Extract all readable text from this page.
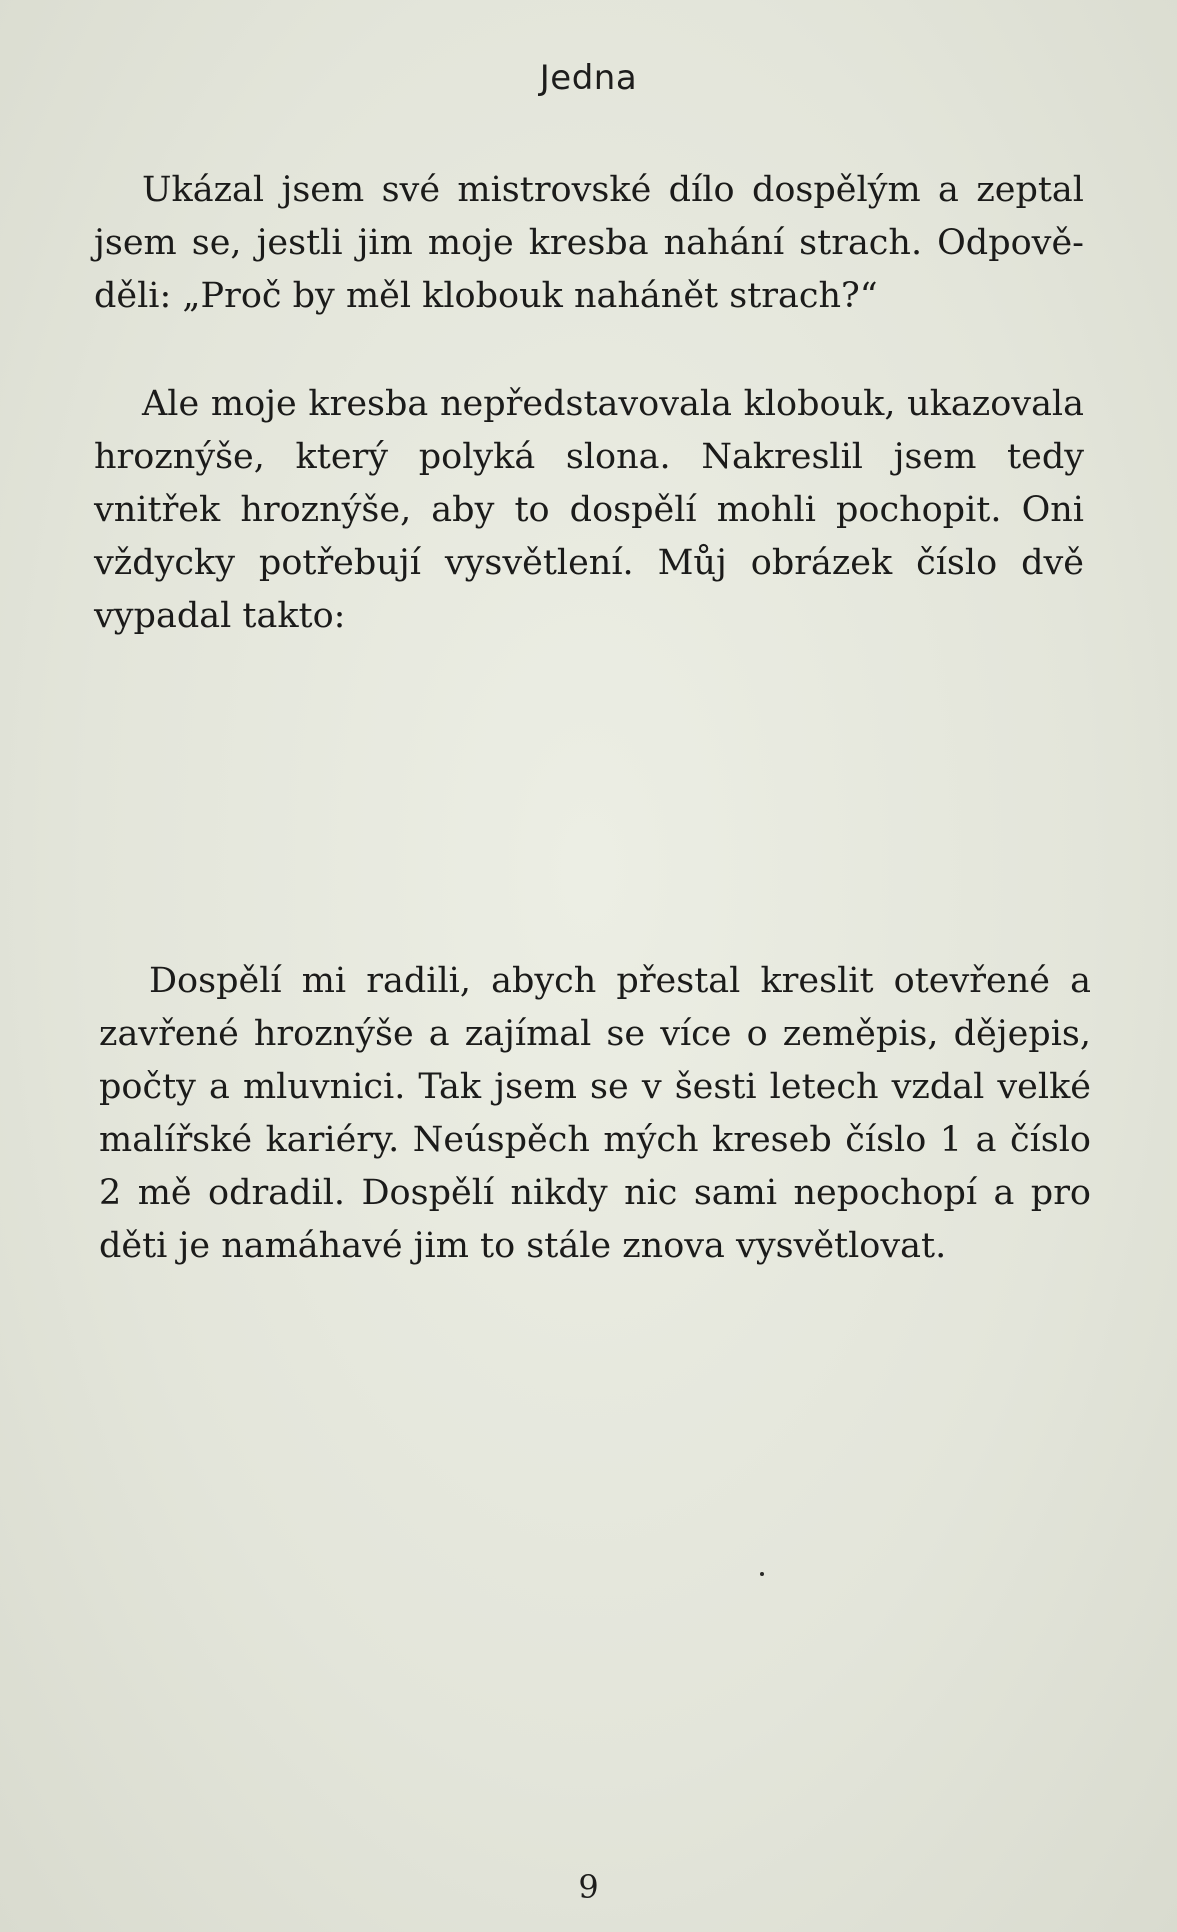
Jedna

Ukázal jsem své mistrovské dílo dospělým a zeptal jsem se, jestli jim moje kresba nahání strach. Odpověděli: „Proč by měl klobouk nahánět strach?“

Ale moje kresba nepředstavovala klobouk, ukazovala hroznýše, který polyká slona. Nakreslil jsem tedy vnitřek hroznýše, aby to dospělí mohli pochopit. Oni vždycky potřebují vysvětlení. Můj obrázek číslo dvě vypadal takto:

Dospělí mi radili, abych přestal kreslit otevřené a zavřené hroznýše a zajímal se více o zeměpis, dějepis, počty a mluvnici. Tak jsem se v šesti letech vzdal velké malířské kariéry. Neúspěch mých kreseb číslo 1 a číslo 2 mě odradil. Dospělí nikdy nic sami nepochopí a pro děti je namáhavé jim to stále znova vysvětlovat.

9
